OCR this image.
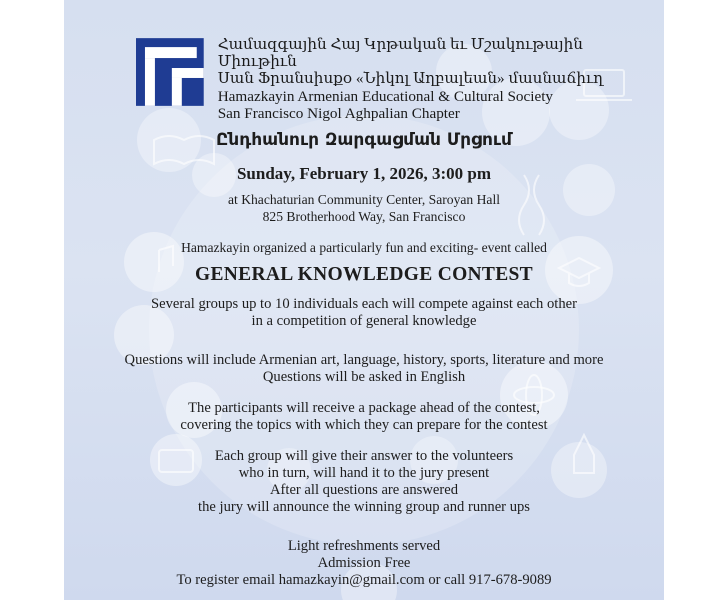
Համազգային Հայ Կրթական եւ Մշակութային Միութիւն
Սան Ֆրանսիսքօ «Նիկոլ Աղբալեան» մասնաճիւղ
Hamazkayin Armenian Educational & Cultural Society
San Francisco Nigol Aghpalian Chapter

Ընդհանուր Զարգացման Մրցում

Sunday, February 1, 2026, 3:00 pm

at Khachaturian Community Center, Saroyan Hall

825 Brotherhood Way, San Francisco

Hamazkayin organized a particularly fun and exciting- event called

GENERAL KNOWLEDGE CONTEST

Several groups up to 10 individuals each will compete against each other

in a competition of general knowledge

Questions will include Armenian art, language, history, sports, literature and more

Questions will be asked in English

The participants will receive a package ahead of the contest,

covering the topics with which they can prepare for the contest

Each group will give their answer to the volunteers

who in turn, will hand it to the jury present

After all questions are answered

the jury will announce the winning group and runner ups

Light refreshments served

Admission Free

To register email hamazkayin@gmail.com or call 917-678-9089
